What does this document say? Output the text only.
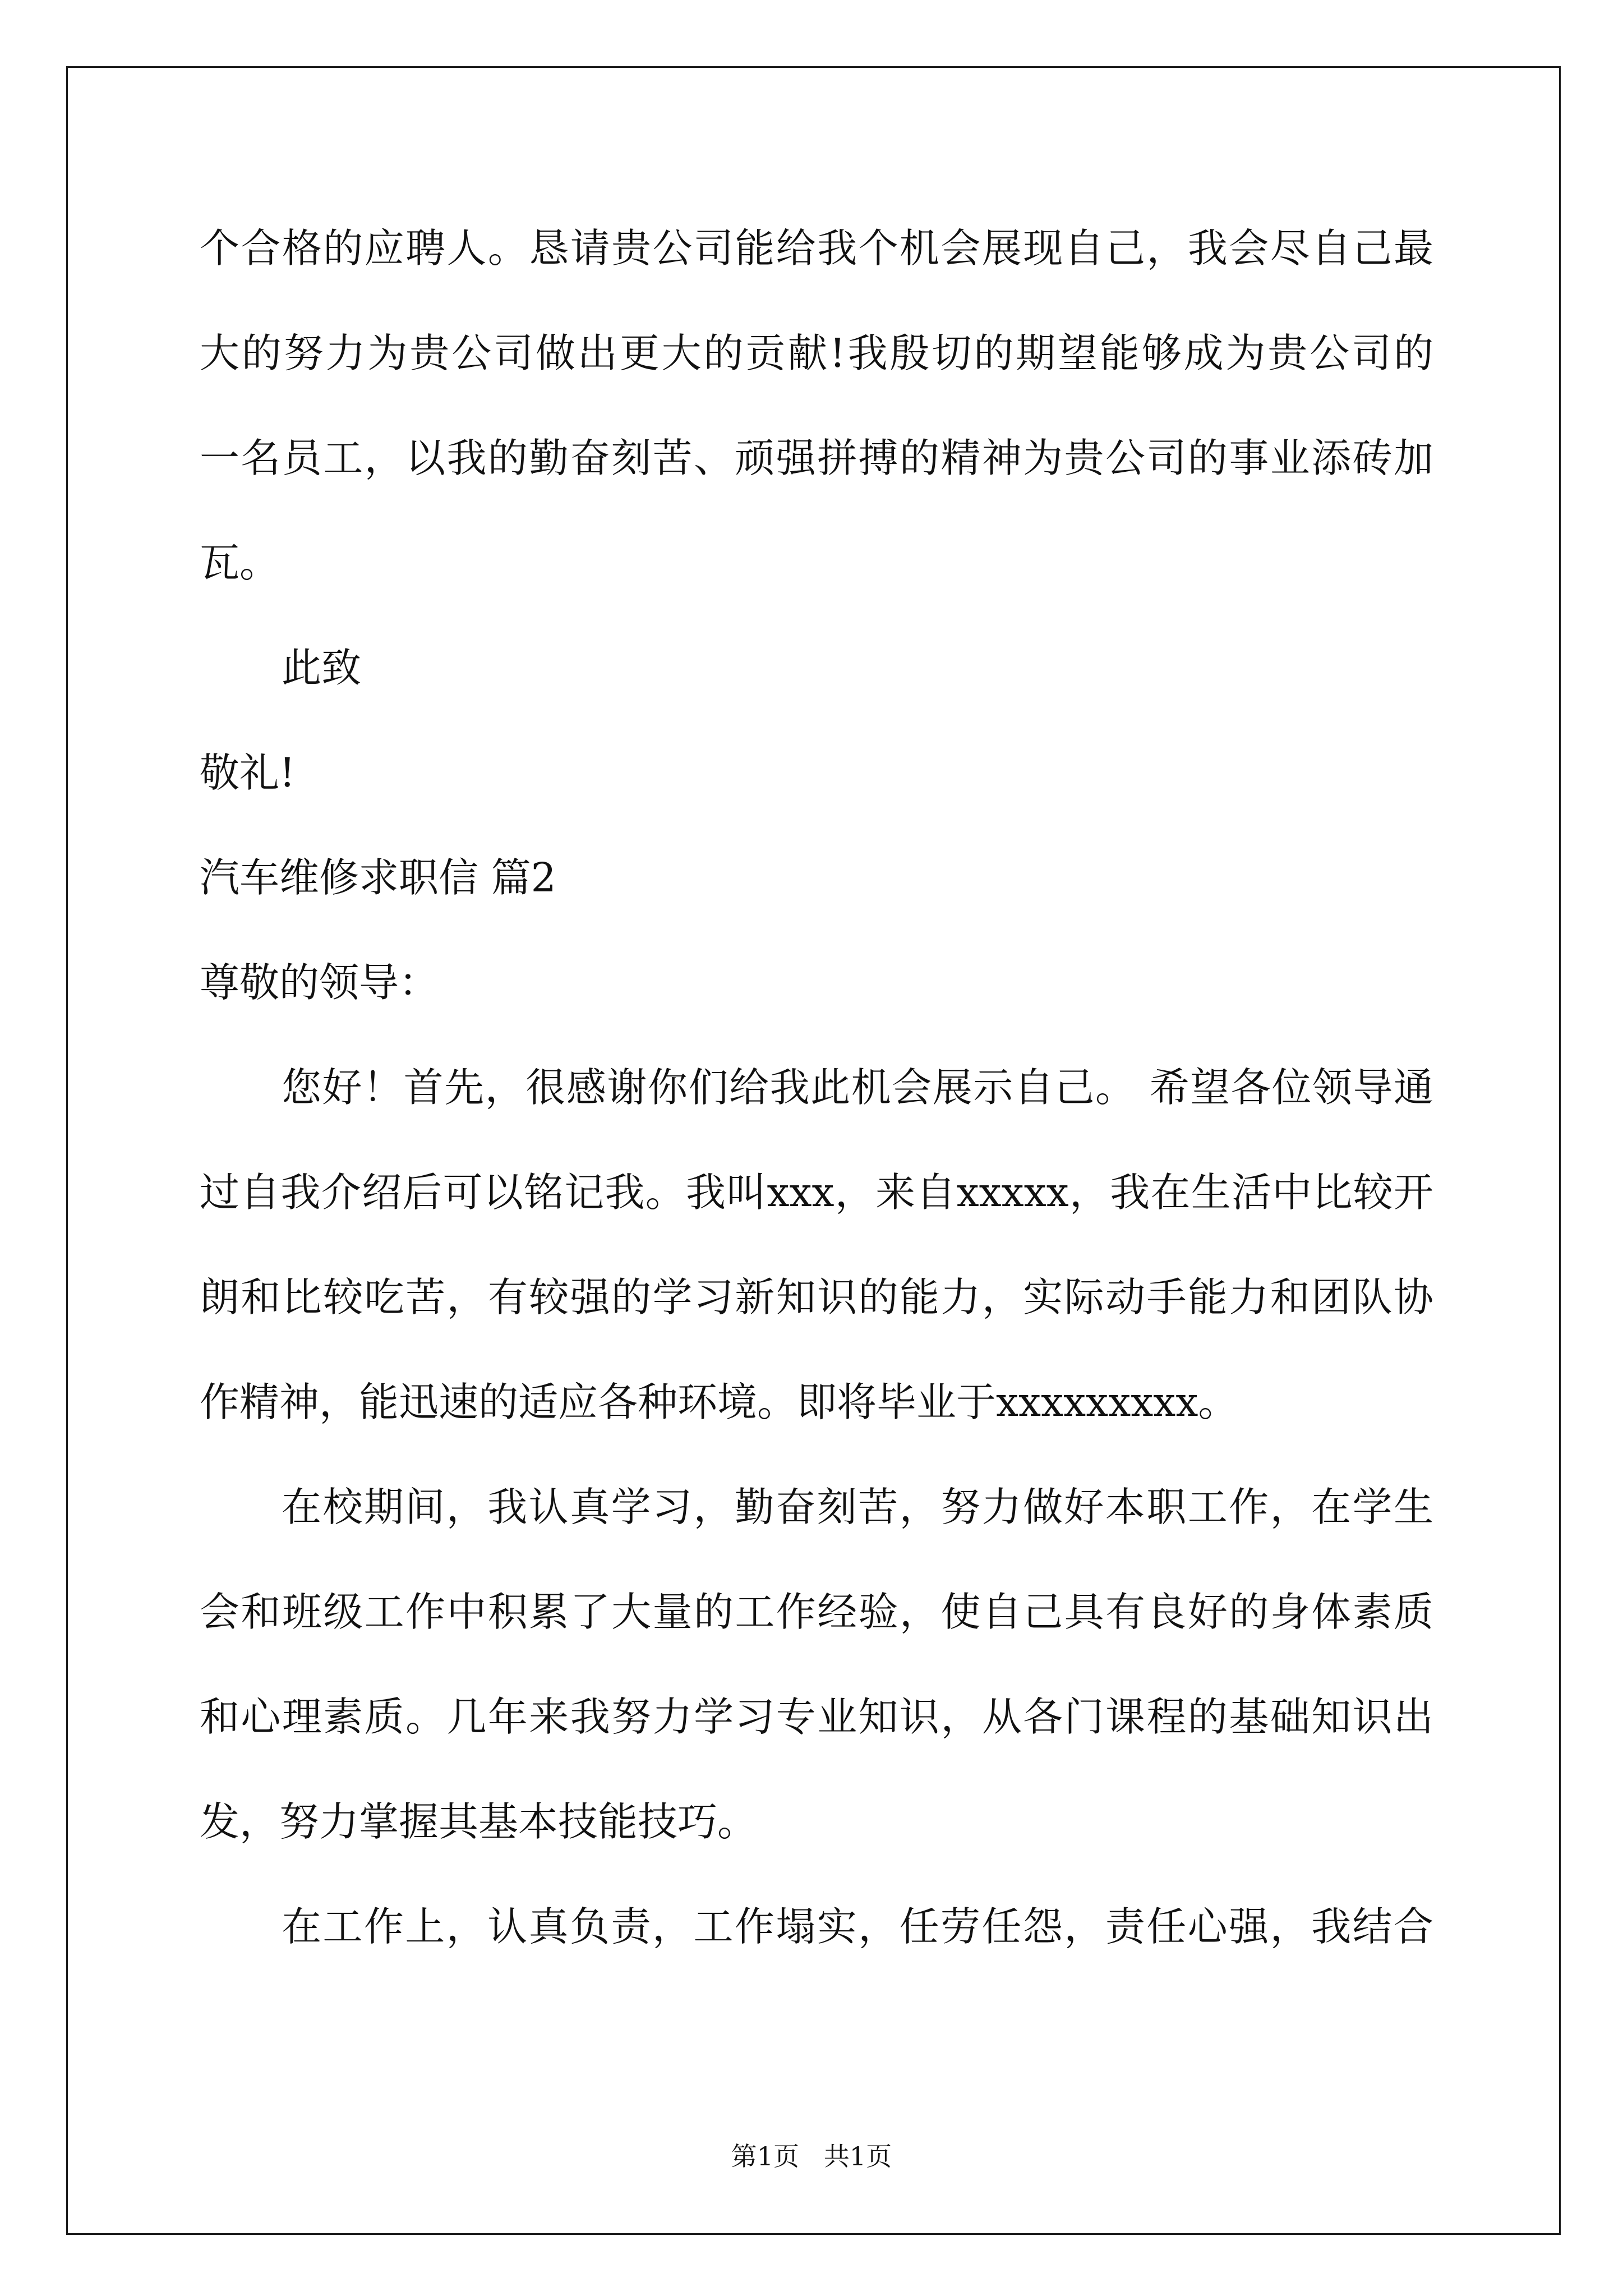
个合格的应聘人。恳请贵公司能给我个机会展现自己，我会尽自己最
大的努力为贵公司做出更大的贡献!我殷切的期望能够成为贵公司的
一名员工，以我的勤奋刻苦、顽强拼搏的精神为贵公司的事业添砖加
瓦。
此致
敬礼!
汽车维修求职信 篇2
尊敬的领导：
您好！首先，很感谢你们给我此机会展示自己。 希望各位领导通
过自我介绍后可以铭记我。我叫xxx，来自xxxxx，我在生活中比较开
朗和比较吃苦，有较强的学习新知识的能力，实际动手能力和团队协
作精神，能迅速的适应各种环境。即将毕业于xxxxxxxxx。
在校期间，我认真学习，勤奋刻苦，努力做好本职工作，在学生
会和班级工作中积累了大量的工作经验，使自己具有良好的身体素质
和心理素质。几年来我努力学习专业知识，从各门课程的基础知识出
发，努力掌握其基本技能技巧。
在工作上，认真负责，工作塌实，任劳任怨，责任心强，我结合
第1页   共1页
